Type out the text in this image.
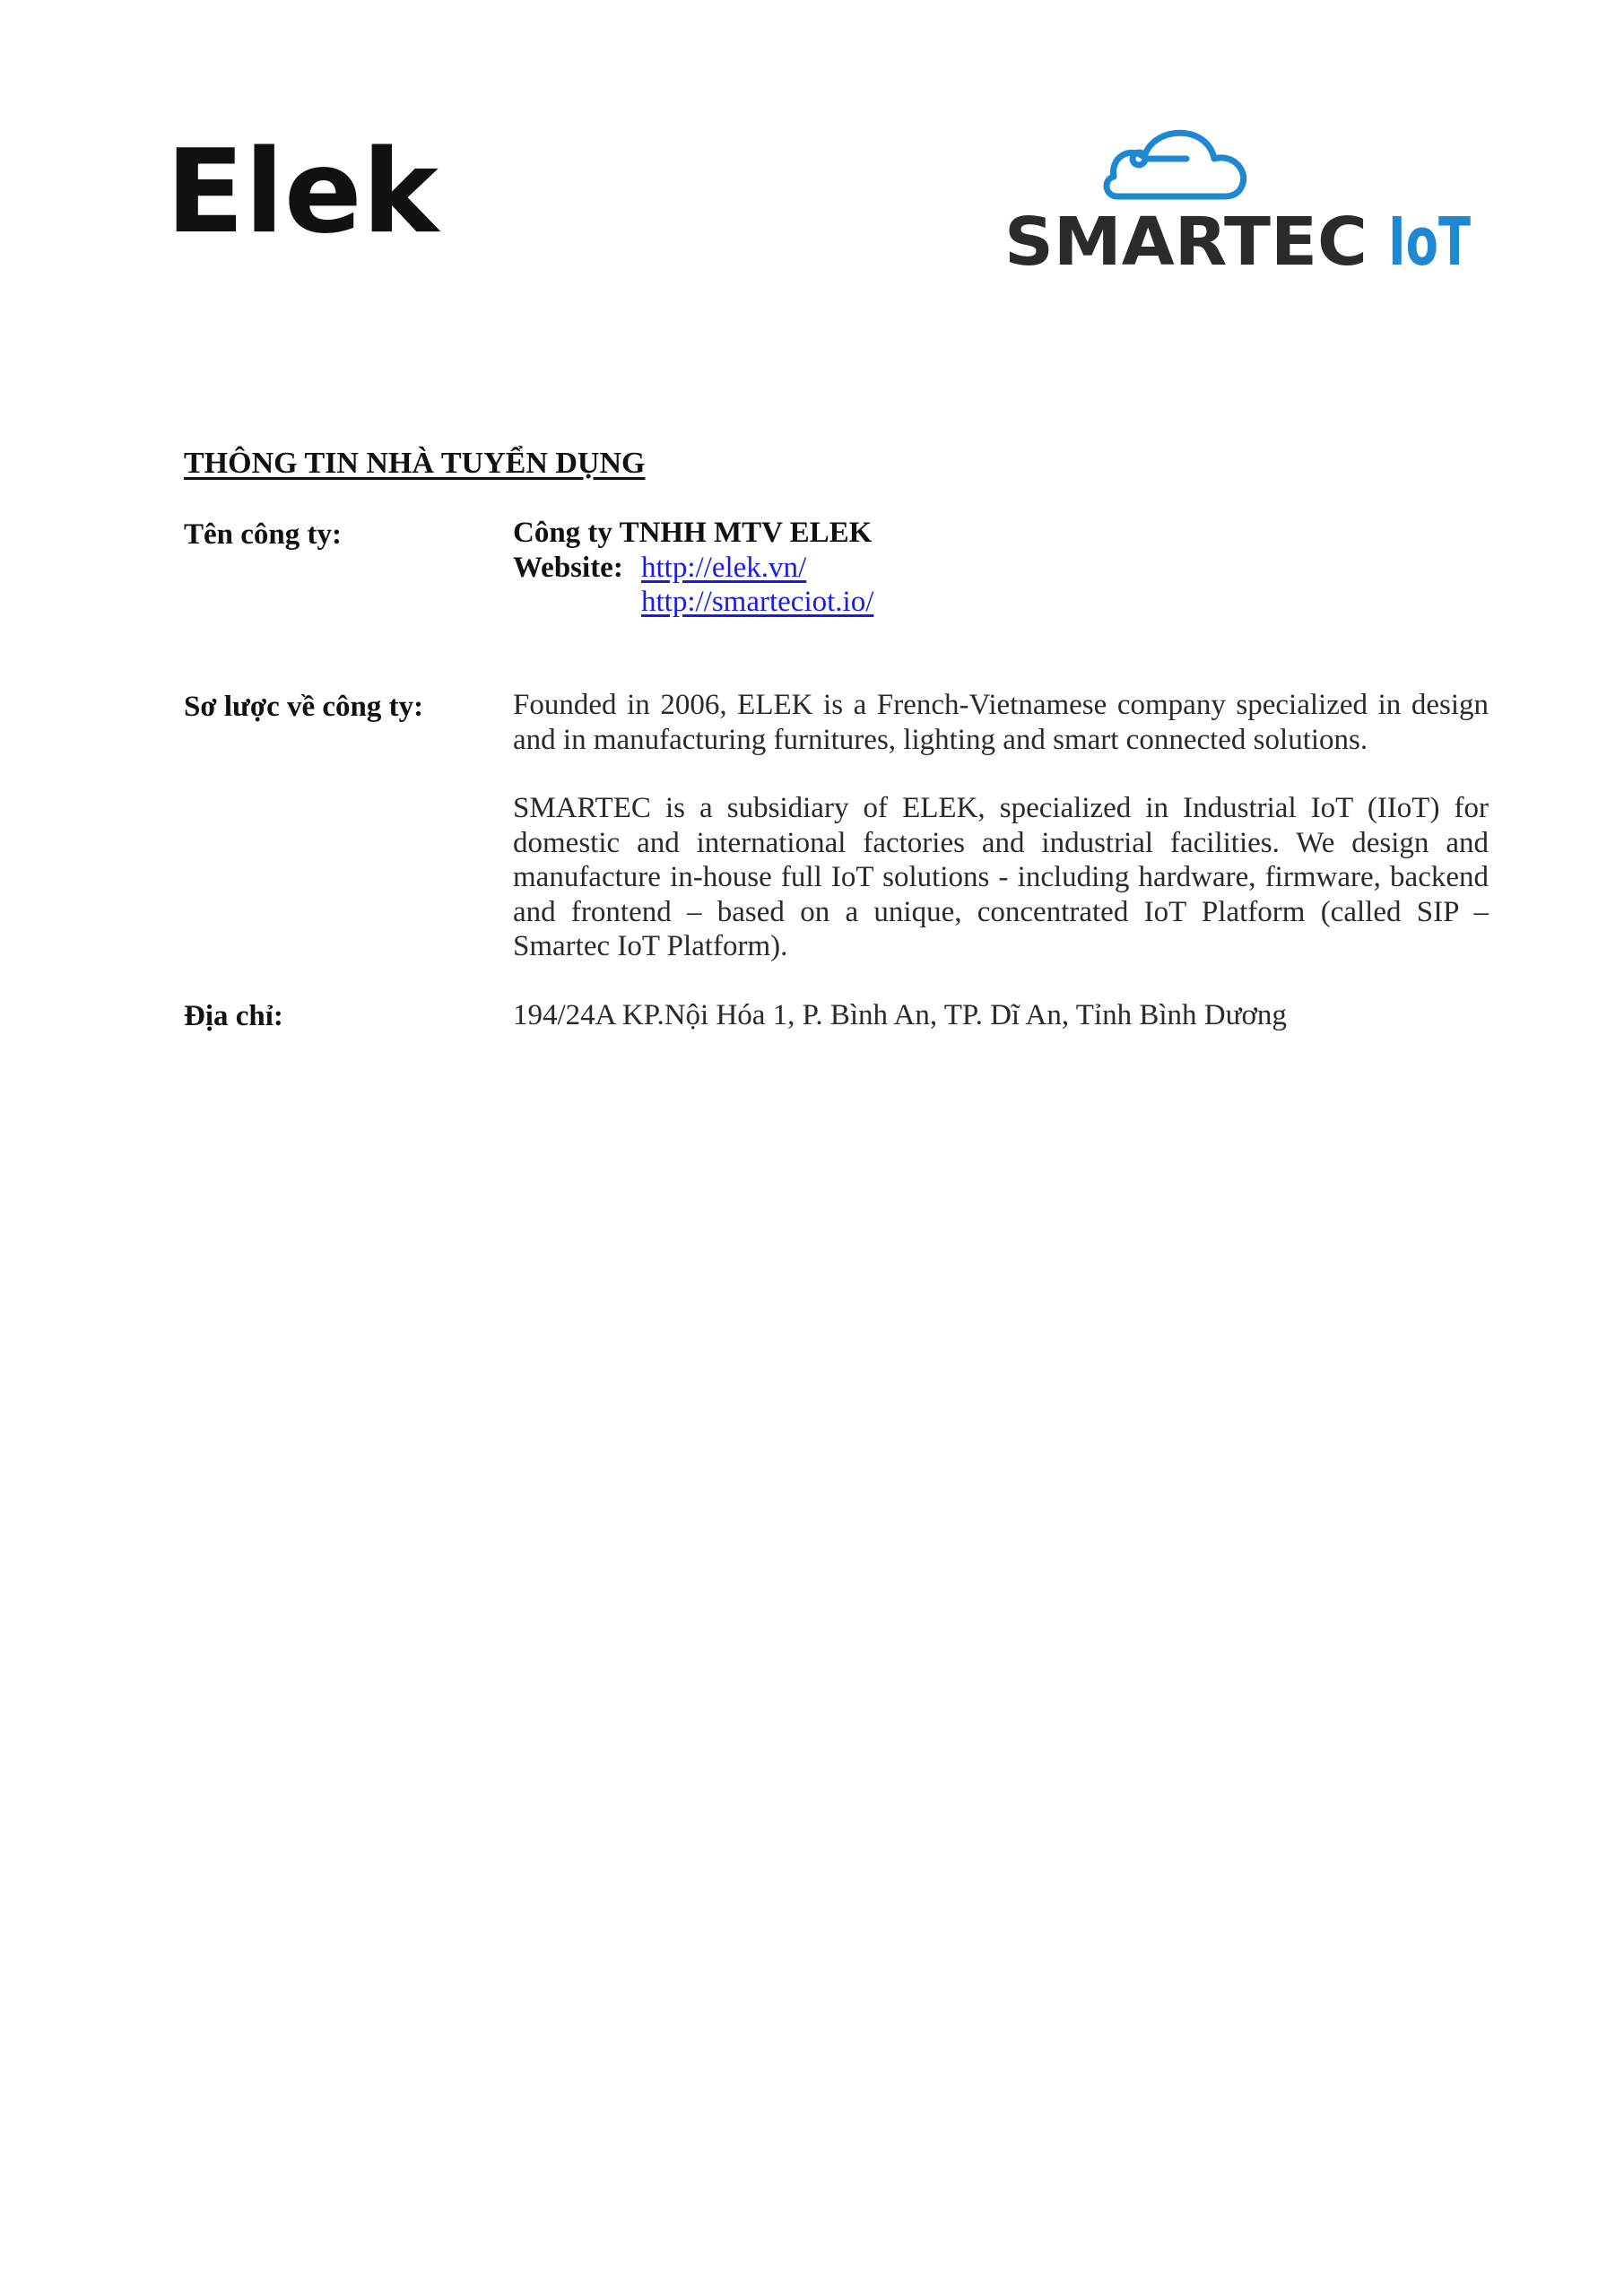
Elek	SMARTEC IoT
THÔNG TIN NHÀ TUYỂN DỤNG
Tên công ty:	Công ty TNHH MTV ELEK
Website: http://elek.vn/
http://smarteciot.io/
Sơ lược về công ty:	Founded in 2006, ELEK is a French-Vietnamese company specialized in design and in manufacturing furnitures, lighting and smart connected solutions.

SMARTEC is a subsidiary of ELEK, specialized in Industrial IoT (IIoT) for domestic and international factories and industrial facilities. We design and manufacture in-house full IoT solutions - including hardware, firmware, backend and frontend – based on a unique, concentrated IoT Platform (called SIP – Smartec IoT Platform).

Địa chỉ:	194/24A KP.Nội Hóa 1, P. Bình An, TP. Dĩ An, Tỉnh Bình Dương
